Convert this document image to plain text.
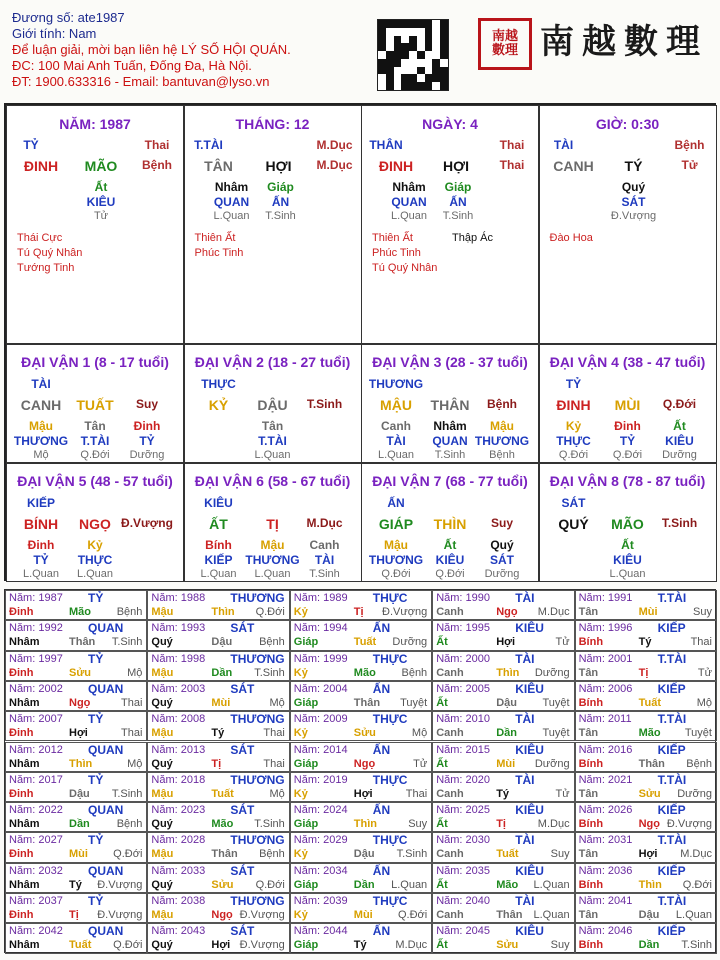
Đương số: ate1987
Giới tính: Nam
Để luận giải, mời bạn liên hệ LÝ SỐ HỘI QUÁN.
ĐC: 100 Mai Anh Tuấn, Đống Đa, Hà Nội.
ĐT: 1900.633316 - Email: bantuvan@lyso.vn
南越
數理 南越數理
NĂM: 1987
TỶ	Thai
ĐINH MÃO Bệnh
Ất
KIÊU
Tử
Thái Cực
Tú Quý Nhân
Tướng Tinh
THÁNG: 12
T.TÀI	M.Dục
TÂN HỢI M.Dục
Nhâm Giáp
QUAN ẤN
L.Quan T.Sinh
Thiên Ất
Phúc Tinh
NGÀY: 4
THÂN	Thai
ĐINH HỢI	Thai
Nhâm Giáp
QUAN ẤN
L.Quan T.Sinh
Thiên Ất
Phúc Tinh
Tú Quý Nhân
Thập Ác
GIỜ: 0:30
TÀI	Bệnh
CANH TÝ	Tử
Quý
SÁT
Đ.Vượng
Đào Hoa
ĐẠI VẬN 1 (8 - 17 tuổi)
TÀI
CANH TUẤT Suy
Mậu
THƯƠNG
Mộ
Tân
T.TÀI
Q.Đới
Đinh
TỶ
Dưỡng
ĐẠI VẬN 2 (18 - 27 tuổi)
THỰC
KỶ DẬU T.Sinh
Tân
T.TÀI
L.Quan
ĐẠI VẬN 3 (28 - 37 tuổi)
THƯƠNG
MẬU THÂN Bệnh
Canh
TÀI
L.Quan
Nhâm
QUAN
T.Sinh
Mậu
THƯƠNG
Bệnh
ĐẠI VẬN 4 (38 - 47 tuổi)
TỶ
ĐINH MÙI Q.Đới
Kỷ
THỰC
Q.Đới
Đinh
TỶ
Q.Đới
Ất
KIÊU
Dưỡng
ĐẠI VẬN 5 (48 - 57 tuổi)
KIẾP
BÍNH NGỌ Đ.Vượng
Đinh
TỶ
L.Quan
Kỷ
THỰC
L.Quan
ĐẠI VẬN 6 (58 - 67 tuổi)
KIÊU
ẤT	TỊ M.Dục
Bính
KIẾP
L.Quan
Mậu
THƯƠNG
L.Quan
Canh
TÀI
T.Sinh
ĐẠI VẬN 7 (68 - 77 tuổi)
ẤN
GIÁP THÌN Suy
Mậu
THƯƠNG
Q.Đới
Ất
KIÊU
Q.Đới
Quý
SÁT
Dưỡng
ĐẠI VẬN 8 (78 - 87 tuổi)
SÁT
QUÝ MÃO T.Sinh
Ất
KIÊU
L.Quan
Năm: 1987 TỶ
Đinh	Mão Bệnh
Năm: 1988 THƯƠNG
Mậu	Thìn Q.Đới
Năm: 1989 THỰC
Kỷ	Tị Đ.Vượng
Năm: 1990 TÀI
Canh	Ngọ M.Dục
Năm: 1991 T.TÀI
Tân	Mùi	Suy
Năm: 1992 QUAN
Nhâm	Thân T.Sinh
Năm: 1993 SÁT
Quý	Dậu Bệnh
Năm: 1994 ẤN
Giáp	Tuất Dưỡng
Năm: 1995 KIÊU
Ất	Hợi	Tử
Năm: 1996 KIẾP
Bính	Tý	Thai
Năm: 1997 TỶ
Đinh	Sửu	Mộ
Năm: 1998 THƯƠNG
Mậu	Dần T.Sinh
Năm: 1999 THỰC
Kỷ	Mão Bệnh
Năm: 2000 TÀI
Canh	Thìn Dưỡng
Năm: 2001 T.TÀI
Tân	Tị	Tử
Năm: 2002 QUAN
Nhâm	Ngọ	Thai
Năm: 2003 SÁT
Quý	Mùi	Mộ
Năm: 2004 ẤN
Giáp	Thân Tuyệt
Năm: 2005 KIÊU
Ất	Dậu Tuyệt
Năm: 2006 KIẾP
Bính	Tuất	Mộ
Năm: 2007 TỶ
Đinh	Hợi	Thai
Năm: 2008 THƯƠNG
Mậu	Tý	Thai
Năm: 2009 THỰC
Kỷ	Sửu	Mộ
Năm: 2010 TÀI
Canh	Dần Tuyệt
Năm: 2011 T.TÀI
Tân	Mão Tuyệt
Năm: 2012 QUAN
Nhâm	Thìn	Mộ
Năm: 2013 SÁT
Quý	Tị	Thai
Năm: 2014 ẤN
Giáp	Ngọ	Tử
Năm: 2015 KIÊU
Ất	Mùi Dưỡng
Năm: 2016 KIẾP
Bính	Thân Bệnh
Năm: 2017 TỶ
Đinh	Dậu T.Sinh
Năm: 2018 THƯƠNG
Mậu	Tuất	Mộ
Năm: 2019 THỰC
Kỷ	Hợi	Thai
Năm: 2020 TÀI
Canh	Tý	Tử
Năm: 2021 T.TÀI
Tân	Sửu Dưỡng
Năm: 2022 QUAN
Nhâm	Dần Bệnh
Năm: 2023 SÁT
Quý	Mão T.Sinh
Năm: 2024 ẤN
Giáp	Thìn	Suy
Năm: 2025 KIÊU
Ất	Tị	M.Dục
Năm: 2026 KIẾP
Bính	Ngọ Đ.Vượng
Năm: 2027 TỶ
Đinh	Mùi Q.Đới
Năm: 2028 THƯƠNG
Mậu	Thân Bệnh
Năm: 2029 THỰC
Kỷ	Dậu T.Sinh
Năm: 2030 TÀI
Canh	Tuất	Suy
Năm: 2031 T.TÀI
Tân	Hợi M.Dục
Năm: 2032 QUAN
Nhâm	Tý Đ.Vượng
Năm: 2033 SÁT
Quý	Sửu Q.Đới
Năm: 2034 ẤN
Giáp	Dần L.Quan
Năm: 2035 KIÊU
Ất	Mão L.Quan
Năm: 2036 KIẾP
Bính	Thìn Q.Đới
Năm: 2037 TỶ
Đinh	Tị Đ.Vượng
Năm: 2038 THƯƠNG
Mậu	Ngọ Đ.Vượng
Năm: 2039 THỰC
Kỷ	Mùi Q.Đới
Năm: 2040 TÀI
Canh	Thân L.Quan
Năm: 2041 T.TÀI
Tân	Dậu L.Quan
Năm: 2042 QUAN
Nhâm	Tuất Q.Đới
Năm: 2043 SÁT
Quý	Hợi Đ.Vượng
Năm: 2044 ẤN
Giáp	Tý	M.Dục
Năm: 2045 KIÊU
Ất	Sửu	Suy
Năm: 2046 KIẾP
Bính	Dần T.Sinh
